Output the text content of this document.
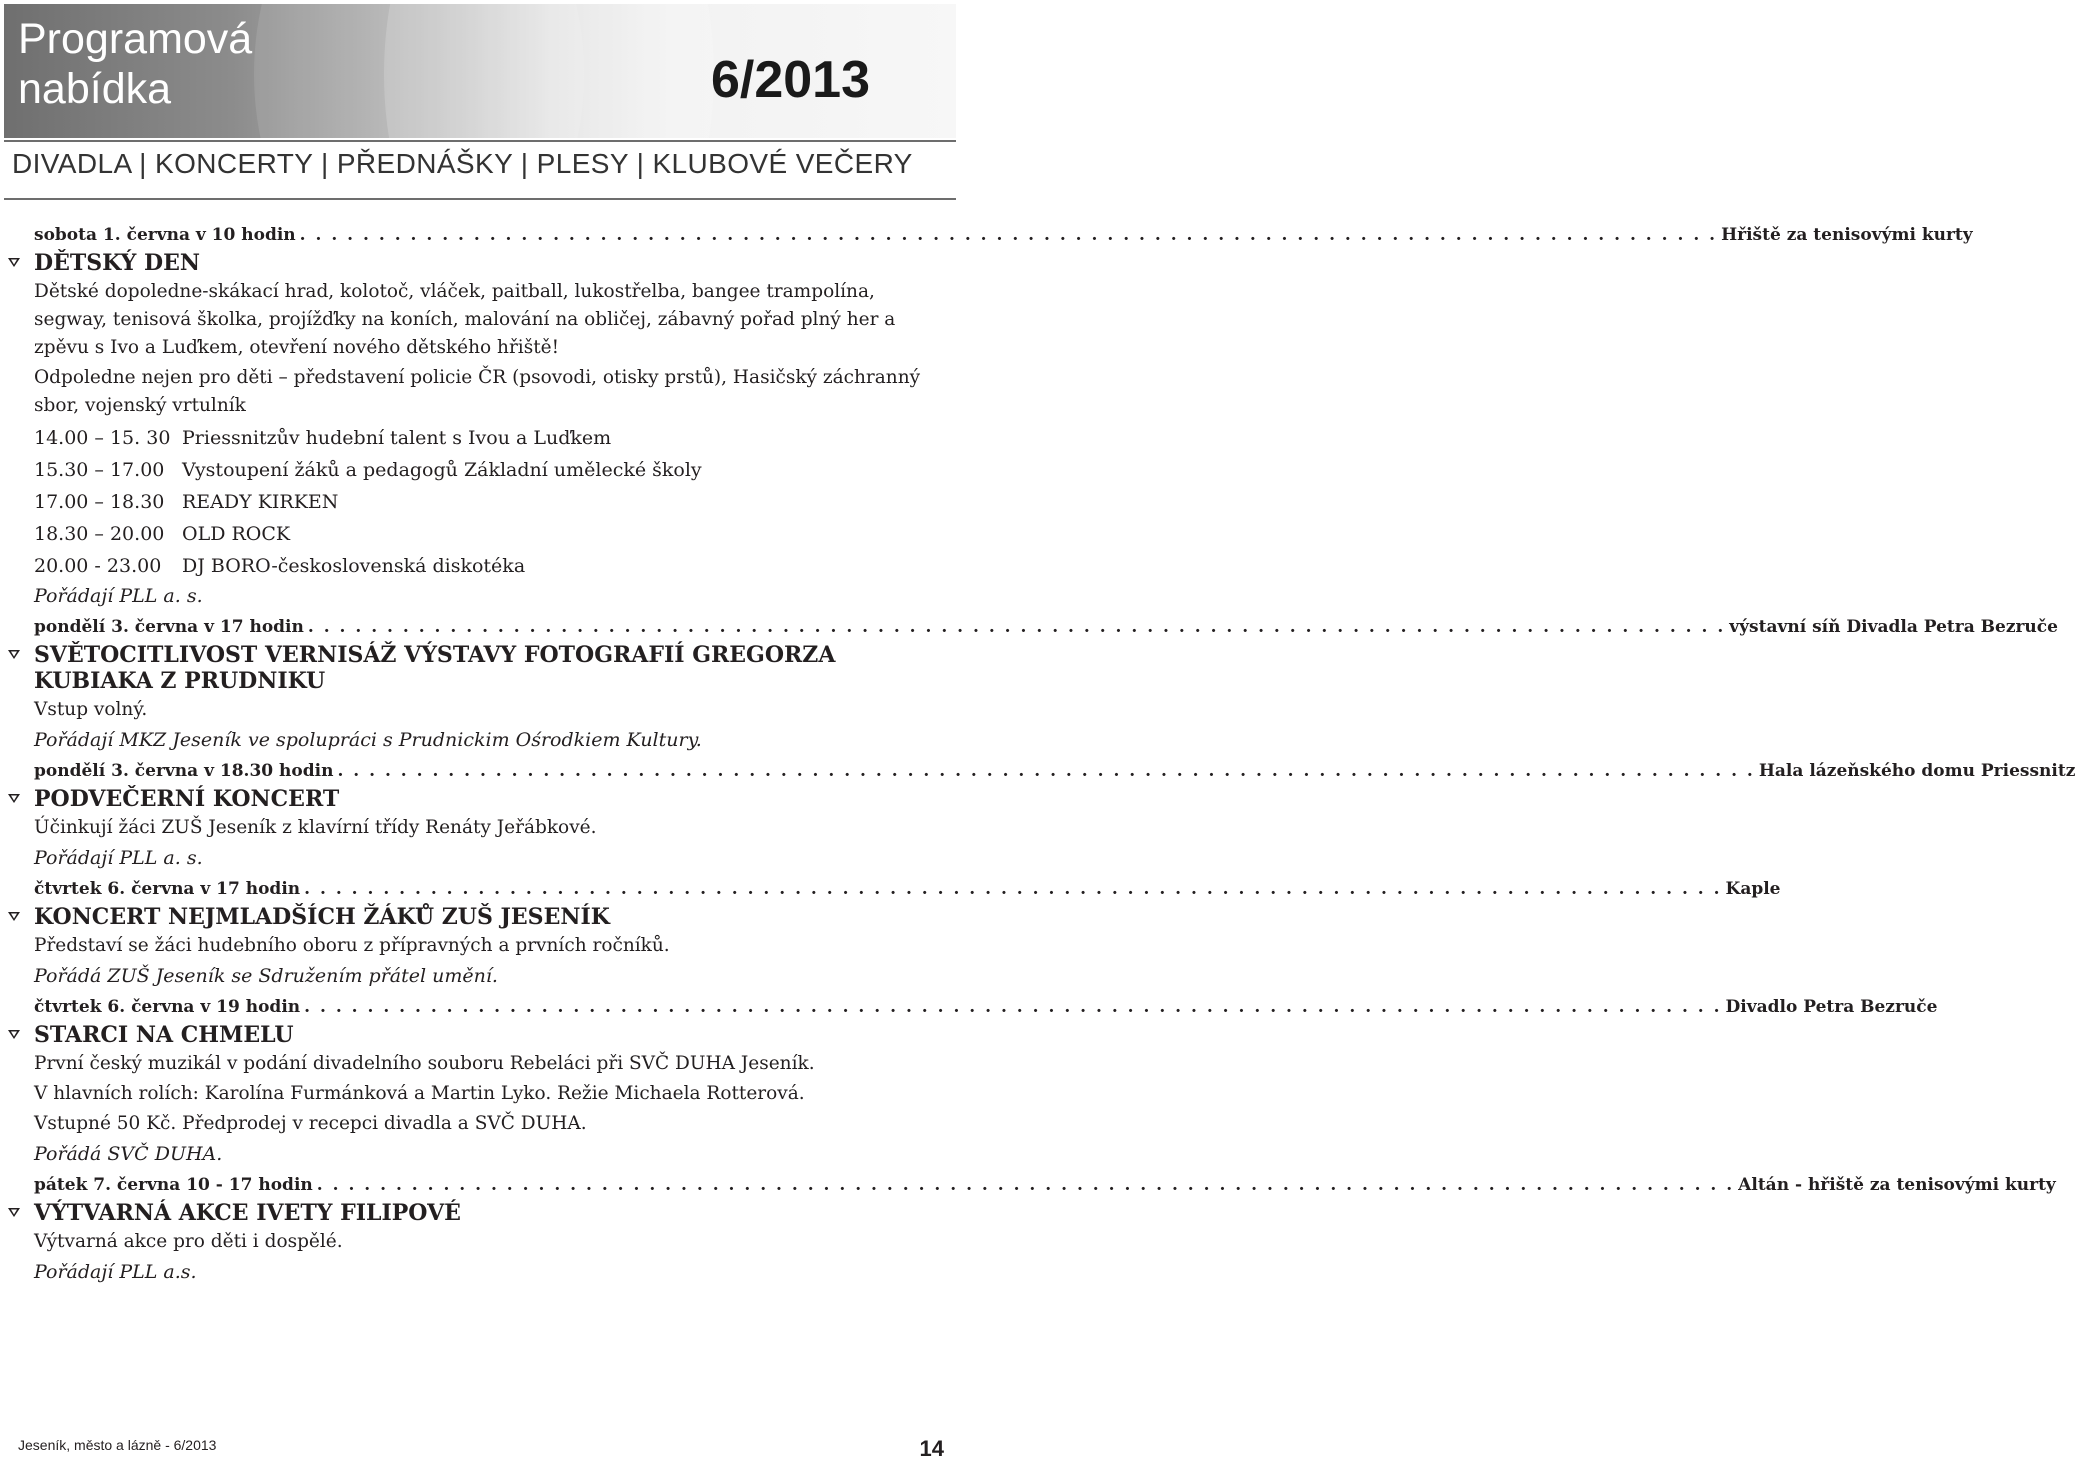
Programová
nabídka	6/2013
DIVADLA | KONCERTY | PŘEDNÁŠKY | PLESY | KLUBOVÉ VEČERY
sobota 1. června v 10 hodin . . . . . . . . . . . . . . . . . . . . . . . . . . . . . . . . . . . . . . . . . . . . . . . . . . . . . . . . . . . . . . . . . . . . . . . . . . . . . . . . . . . . . . . . . . Hřiště za tenisovými kurty
DĚTSKÝ DEN
Dětské dopoledne-skákací hrad, kolotoč, vláček, paitball, lukostřelba, bangee trampolína, segway, tenisová školka, projížďky na koních, malování na obličej, zábavný pořad plný her a zpěvu s Ivo a Luďkem, otevření nového dětského hřiště!
Odpoledne nejen pro děti – představení policie ČR (psovodi, otisky prstů), Hasičský záchranný sbor, vojenský vrtulník
14.00 – 15. 30 Priessnitzův hudební talent s Ivou a Luďkem
15.30 – 17.00 Vystoupení žáků a pedagogů Základní umělecké školy
17.00 – 18.30 READY KIRKEN
18.30 – 20.00 OLD ROCK
20.00 - 23.00	DJ BORO-československá diskotéka
Pořádají PLL a. s.
pondělí 3. června v 17 hodin . . . . . . . . . . . . . . . . . . . . . . . . . . . . . . . . . . . . . . . . . . . . . . . . . . . . . . . . . . . . . . . . . . . . . . . . . . . . . . . . . . . . . . . . . . výstavní síň Divadla Petra Bezruče
SVĚTOCITLIVOST VERNISÁŽ VÝSTAVY FOTOGRAFIÍ GREGORZA KUBIAKA Z PRUDNIKU
Vstup volný.
Pořádají MKZ Jeseník ve spolupráci s Prudnickim Ośrodkiem Kultury.
pondělí 3. června v 18.30 hodin . . . . . . . . . . . . . . . . . . . . . . . . . . . . . . . . . . . . . . . . . . . . . . . . . . . . . . . . . . . . . . . . . . . . . . . . . . . . . . . . . . . . . . . . . . Hala lázeňského domu Priessnitz
PODVEČERNÍ KONCERT
Účinkují žáci ZUŠ Jeseník z klavírní třídy Renáty Jeřábkové.
Pořádají PLL a. s.
čtvrtek 6. června v 17 hodin . . . . . . . . . . . . . . . . . . . . . . . . . . . . . . . . . . . . . . . . . . . . . . . . . . . . . . . . . . . . . . . . . . . . . . . . . . . . . . . . . . . . . . . . . . Kaple
KONCERT NEJMLADŠÍCH ŽÁKŮ ZUŠ JESENÍK
Představí se žáci hudebního oboru z přípravných a prvních ročníků.
Pořádá ZUŠ Jeseník se Sdružením přátel umění.
čtvrtek 6. června v 19 hodin . . . . . . . . . . . . . . . . . . . . . . . . . . . . . . . . . . . . . . . . . . . . . . . . . . . . . . . . . . . . . . . . . . . . . . . . . . . . . . . . . . . . . . . . . . Divadlo Petra Bezruče
STARCI NA CHMELU
První český muzikál v podání divadelního souboru Rebeláci při SVČ DUHA Jeseník.
V hlavních rolích: Karolína Furmánková a Martin Lyko. Režie Michaela Rotterová.
Vstupné 50 Kč. Předprodej v recepci divadla a SVČ DUHA.
Pořádá SVČ DUHA.
pátek 7. června 10 - 17 hodin . . . . . . . . . . . . . . . . . . . . . . . . . . . . . . . . . . . . . . . . . . . . . . . . . . . . . . . . . . . . . . . . . . . . . . . . . . . . . . . . . . . . . . . . . . Altán - hřiště za tenisovými kurty
VÝTVARNÁ AKCE IVETY FILIPOVÉ
Výtvarná akce pro děti i dospělé.
Pořádají PLL a.s.
Jeseník, město a lázně - 6/2013	14
